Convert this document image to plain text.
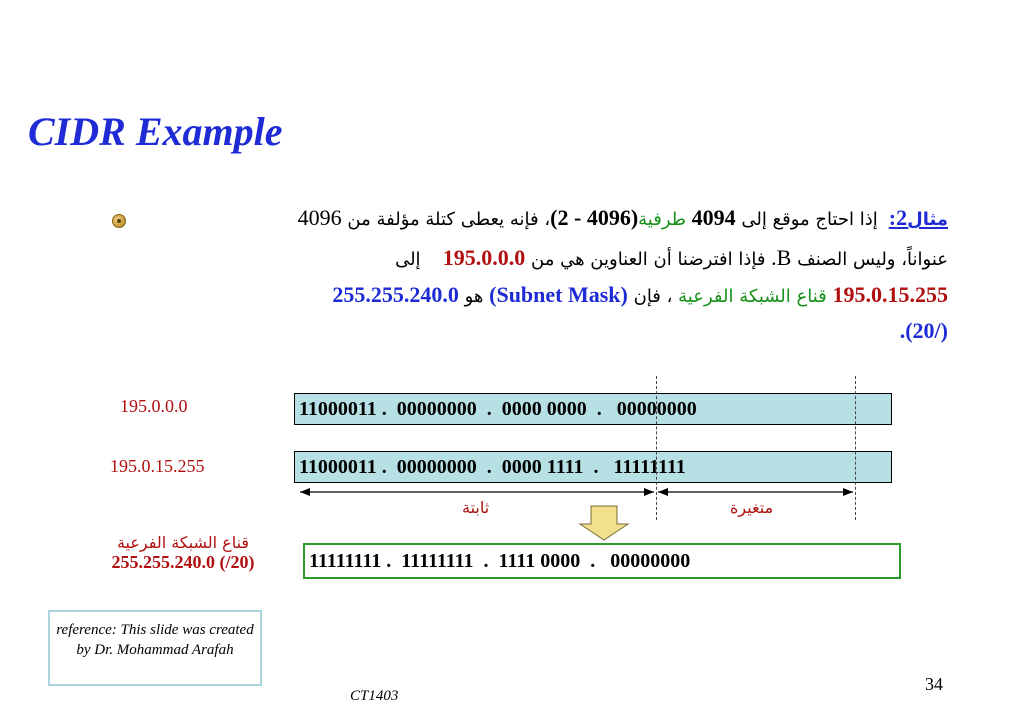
CIDR Example
مثال2:  إذا احتاج موقع إلى 4094 طرفية(4096 - 2)، فإنه يعطى كتلة مؤلفة من 4096
عنواناً، وليس الصنف B. فإذا افترضنا أن العناوين هي من 195.0.0.0    إلى
195.0.15.255 قناع الشبكة الفرعية ، فإن (Subnet Mask) هو 255.255.240.0
(/20).
195.0.0.0	11000011 .  00000000  .  0000 0000  .   00000000
195.0.15.255	11000011 .  00000000  .  0000 1111  .   11111111
ثابتة	متغيرة
قناع الشبكة الفرعية
255.255.240.0 (/20)	11111111 .  11111111  .  1111 0000  .   00000000
reference: This slide was created by Dr. Mohammad Arafah
CT1403
34
